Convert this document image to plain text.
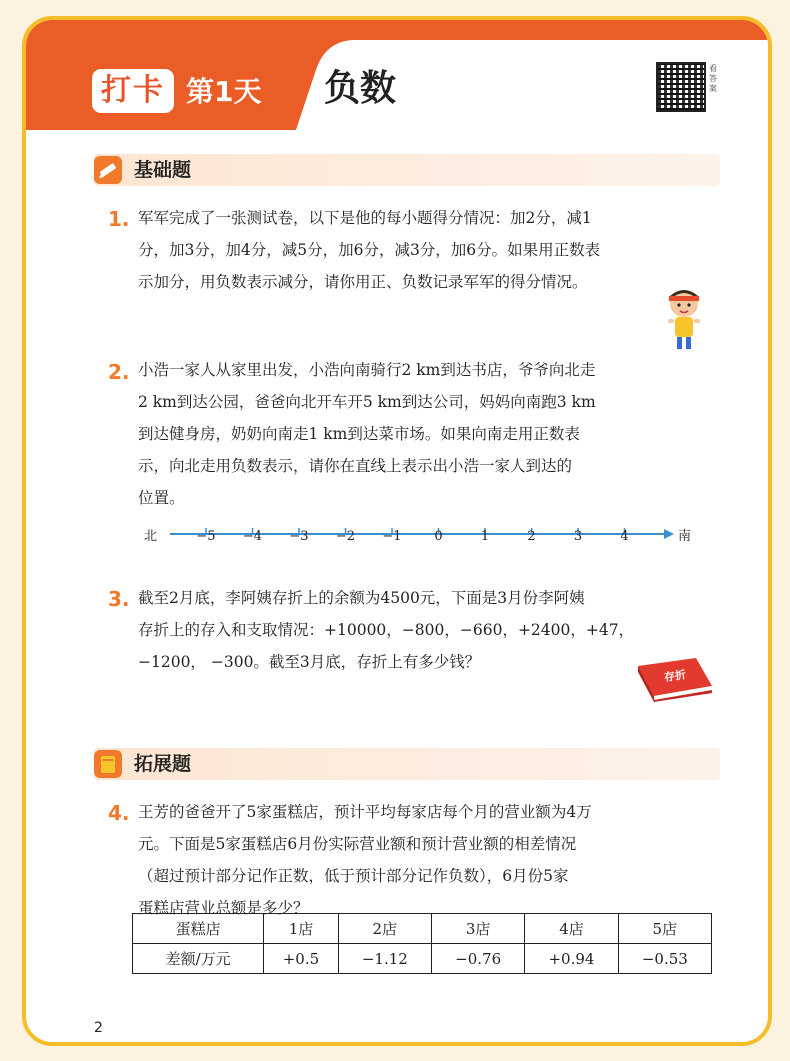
打卡 第1天 负数	看答案
基础题
1. 军军完成了一张测试卷，以下是他的每小题得分情况：加2分，减1
分，加3分，加4分，减5分，加6分，减3分，加6分。如果用正数表
示加分，用负数表示减分，请你用正、负数记录军军的得分情况。
2. 小浩一家人从家里出发，小浩向南骑行2 km到达书店，爷爷向北走
2 km到达公园，爸爸向北开车开5 km到达公司，妈妈向南跑3 km
到达健身房，奶奶向南走1 km到达菜市场。如果向南走用正数表
示，向北走用负数表示，请你在直线上表示出小浩一家人到达的
位置。
北	南
−5 −4 −3 −2 −1	0	1	2	3	4
3. 截至2月底，李阿姨存折上的余额为4500元，下面是3月份李阿姨
存折上的存入和支取情况：+10000，−800，−660，+2400，+47，
−1200， −300。截至3月底，存折上有多少钱？
存折
拓展题
4. 王芳的爸爸开了5家蛋糕店，预计平均每家店每个月的营业额为4万
元。下面是5家蛋糕店6月份实际营业额和预计营业额的相差情况
（超过预计部分记作正数，低于预计部分记作负数），6月份5家
蛋糕店营业总额是多少？
蛋糕店	1店	2店	3店	4店	5店
差额/万元	+0.5	−1.12	−0.76	+0.94	−0.53
2
